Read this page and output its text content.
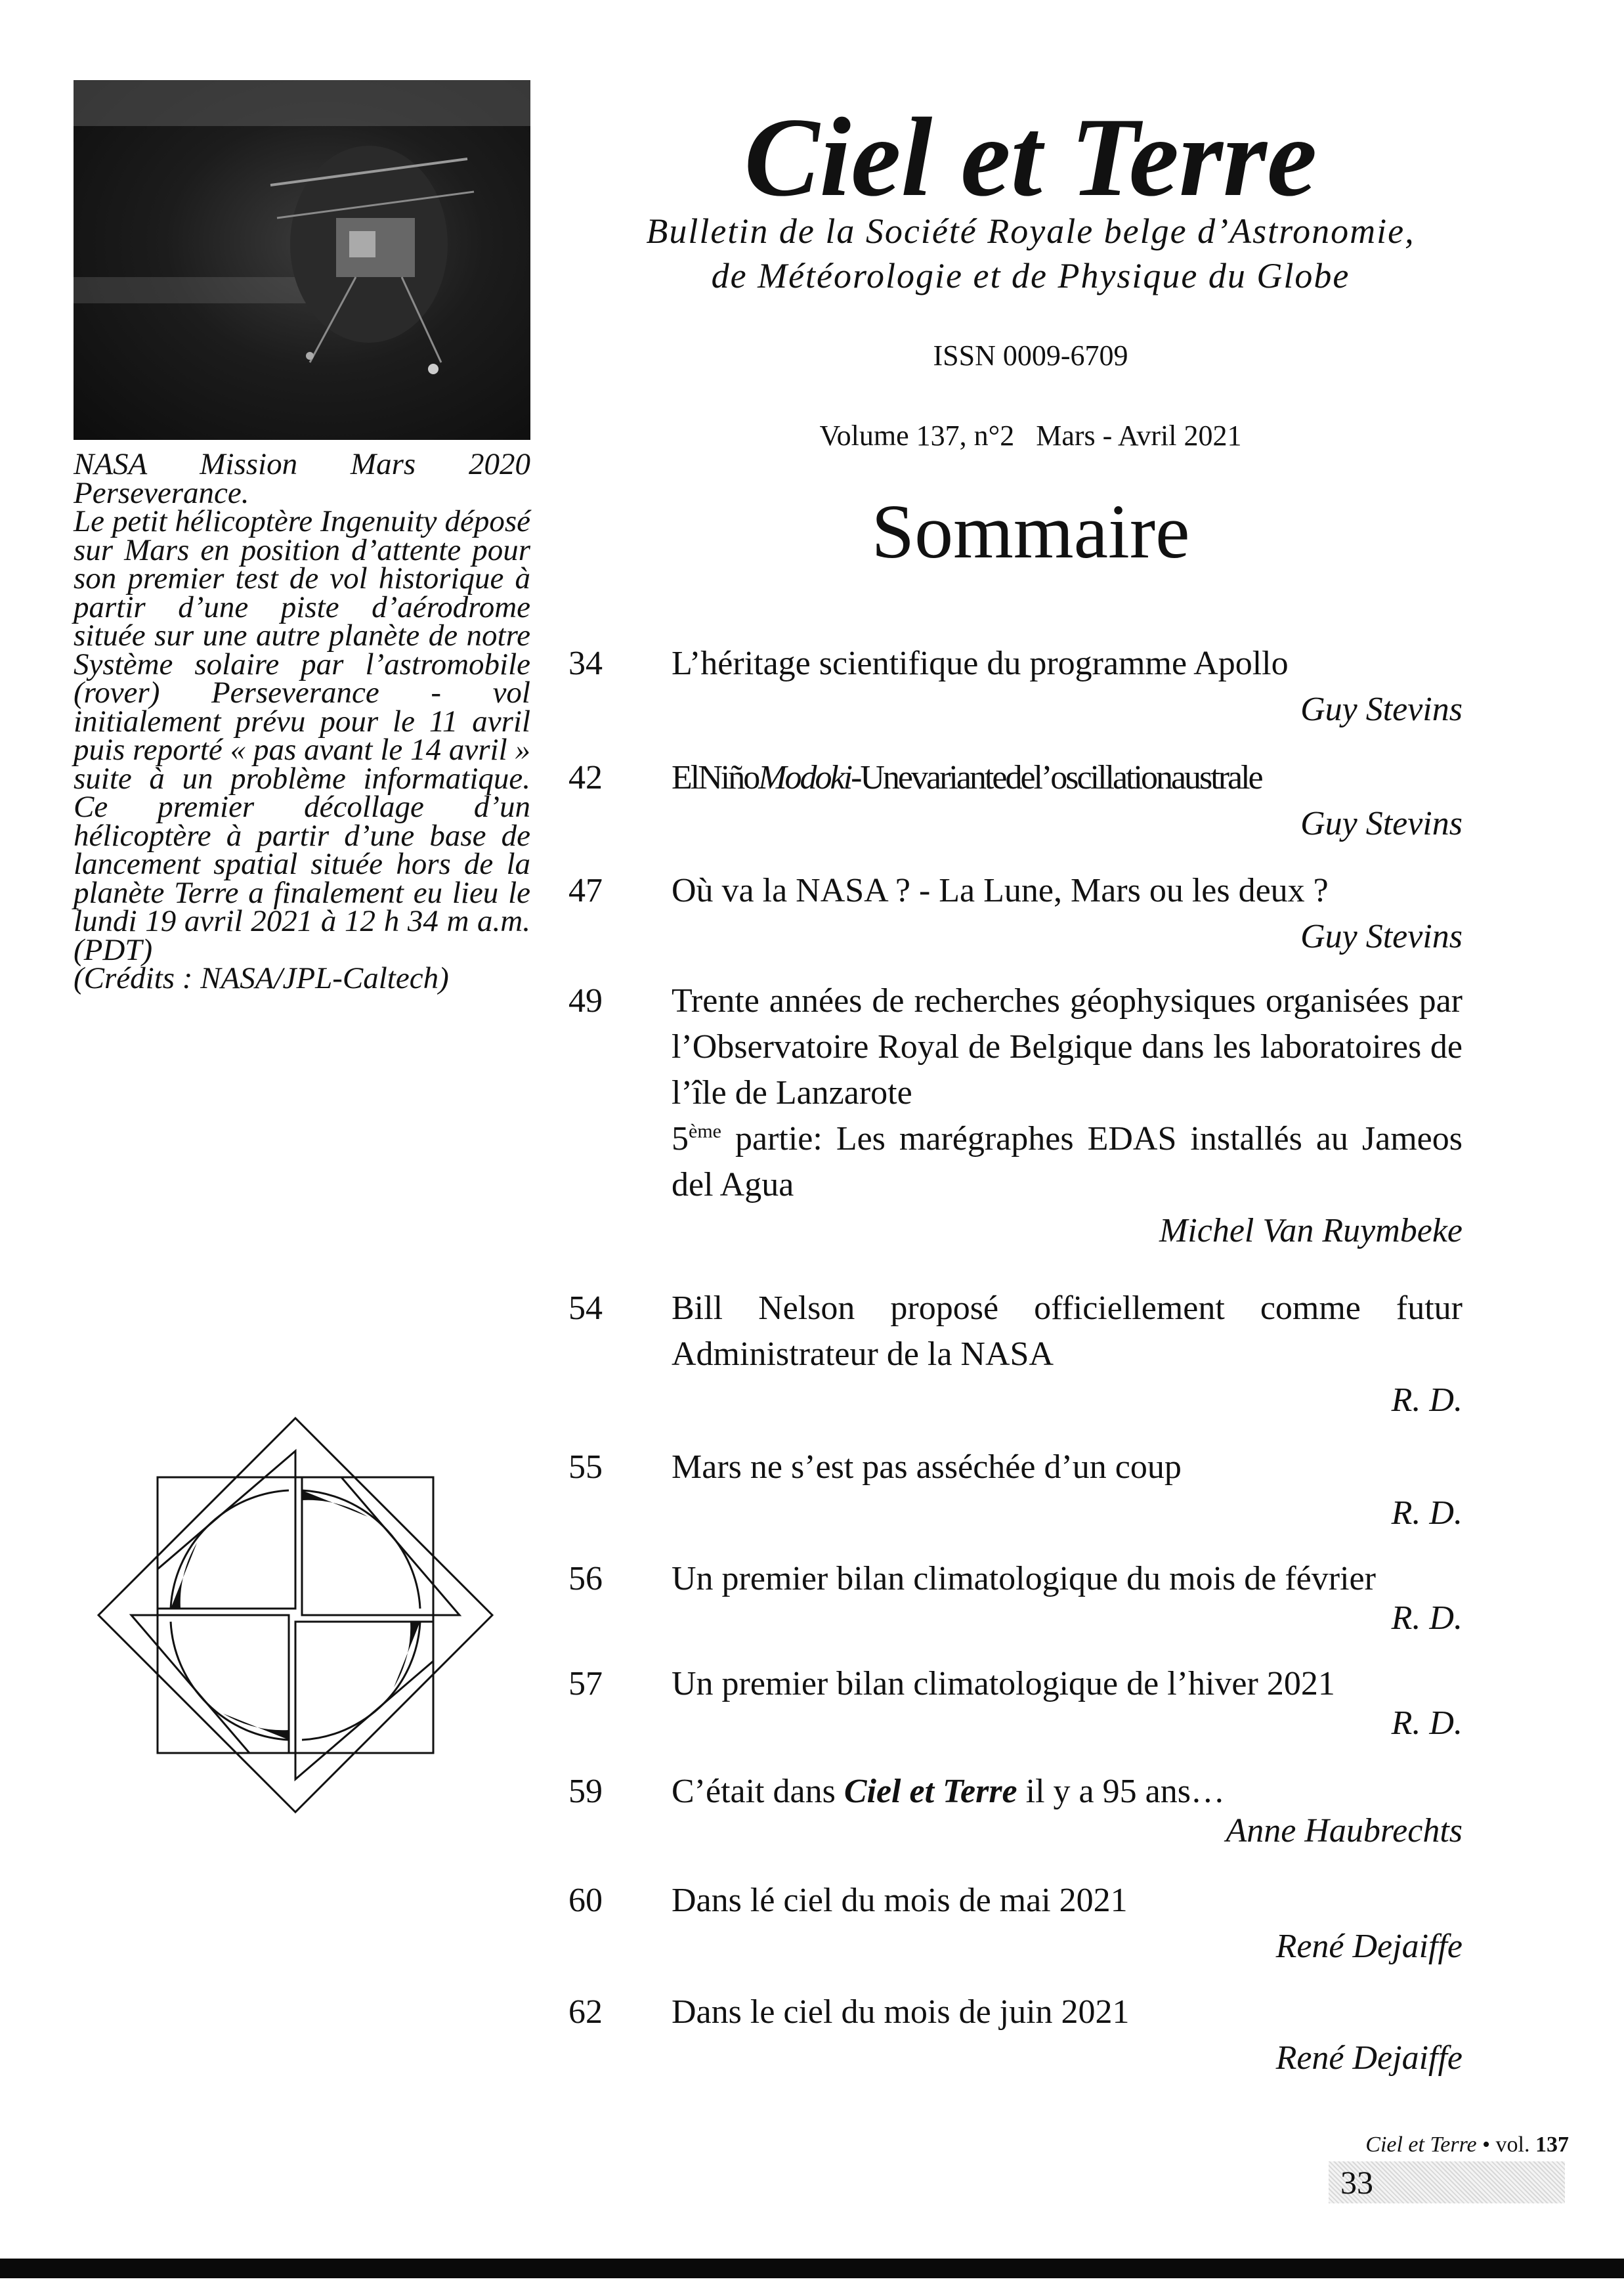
NASA Mission Mars 2020

Perseverance.

Le petit hélicoptère Ingenuity déposé sur Mars en position d’attente pour son premier test de vol historique à partir d’une piste d’aérodrome située sur une autre planète de notre Système solaire par l’astromobile (rover) Perseverance - vol initialement prévu pour le 11 avril puis reporté « pas avant le 14 avril » suite à un problème informatique. Ce premier décollage d’un hélicoptère à partir d’une base de lancement spatial située hors de la planète Terre a finalement eu lieu le lundi 19 avril 2021 à 12 h 34 m a.m. (PDT)

(Crédits : NASA/JPL-Caltech)

Ciel et Terre
Bulletin de la Société Royale belge d’Astronomie,
de Météorologie et de Physique du Globe
ISSN 0009-6709
Volume 137, n°2   Mars - Avril 2021
Sommaire
34	L’héritage scientifique du programme Apollo
Guy Stevins
42	ElNiñoModoki-Unevariantedel’oscillationaustrale
Guy Stevins
47	Où va la NASA ? - La Lune, Mars ou les deux ?
Guy Stevins
49	Trente années de recherches géophysiques organisées par l’Observatoire Royal de Belgique dans les laboratoires de l’île de Lanzarote
5ème partie: Les marégraphes EDAS installés au Jameos del Agua
Michel Van Ruymbeke
54	Bill Nelson proposé officiellement comme futur Administrateur de la NASA
R. D.
55	Mars ne s’est pas asséchée d’un coup
R. D.
56	Un premier bilan climatologique du mois de février
R. D.
57	Un premier bilan climatologique de l’hiver 2021
R. D.
59	C’était dans Ciel et Terre il y a 95 ans…
Anne Haubrechts
60	Dans lé ciel du mois de mai 2021
René Dejaiffe
62	Dans le ciel du mois de juin 2021
René Dejaiffe
Ciel et Terre • vol. 137
33
